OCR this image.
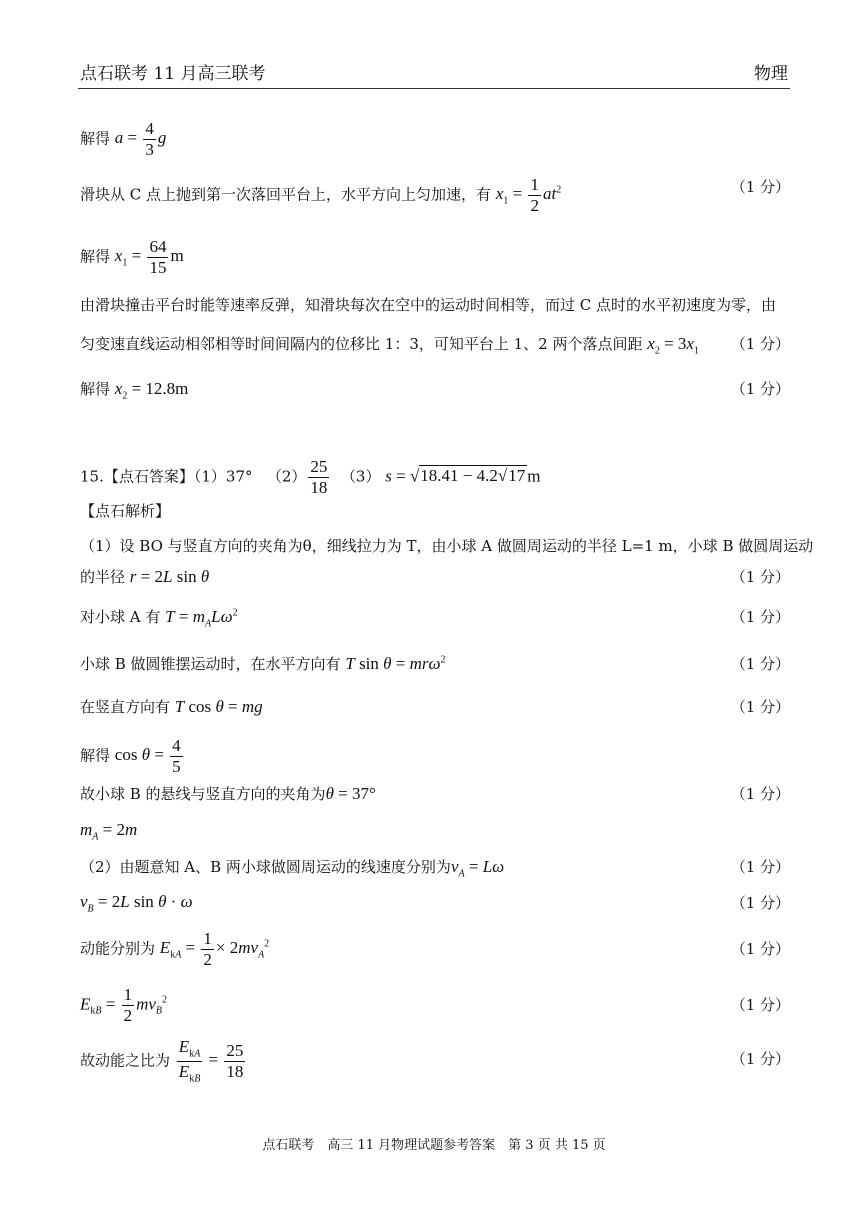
点石联考 11 月高三联考	物理
解得 $a = \frac{4}{3}$ g
滑块从 C 点上抛到第一次落回平台上，水平方向上匀加速，有 $x_1 = \frac{1}{2} at^2$	（1 分）
解得 $x_1 = \frac{64}{15}$ m
由滑块撞击平台时能等速率反弹，知滑块每次在空中的运动时间相等，而过 C 点时的水平初速度为零，由
匀变速直线运动相邻相等时间间隔内的位移比 1：3，可知平台上 1、2 两个落点间距 $x_2 = 3x_1$ （1 分）
解得 $x_2 = 12.8m$	（1 分）
15.【点石答案】（1）37° $(2) \frac{25}{18} (3) s = √18.41 - 4.2√17$ m
【点石解析】
（1）设 BO 与竖直方向的夹角为θ，细线拉力为 T，由小球 A 做圆周运动的半径 L=1 m，小球 B 做圆周运动
的半径 r = 2L sin θ	（1 分）
对小球 A 有 $T = m_AL\omega^2$	（1 分）
小球 B 做圆锥摆运动时，在水平方向有 T sin θ = mrω$^2$	（1 分）
在竖直方向有 T cos θ = mg	（1 分）
解得 $\cos \theta = \frac{4}{5}$
故小球 B 的悬线与竖直方向的夹角为θ = 37°	（1 分）
$m_A = 2m$
（2）由题意知 A、B 两小球做圆周运动的线速度分别为$v_A = L\omega$	（1 分）
$v_B = 2L$ sin θ · ω	（1 分）
动能分别为 $E_{kA} = \frac{1}{2} \times 2mv_A^2$	（1 分）
$E_{kB} = \frac{1}{2} mv_B^2$	（1 分）
故动能之比为 $\frac{E_{kA}}{E_{kB}} = \frac{25}{18}$	（1 分）
点石联考　高三 11 月物理试题参考答案　第 3 页 共 15 页
